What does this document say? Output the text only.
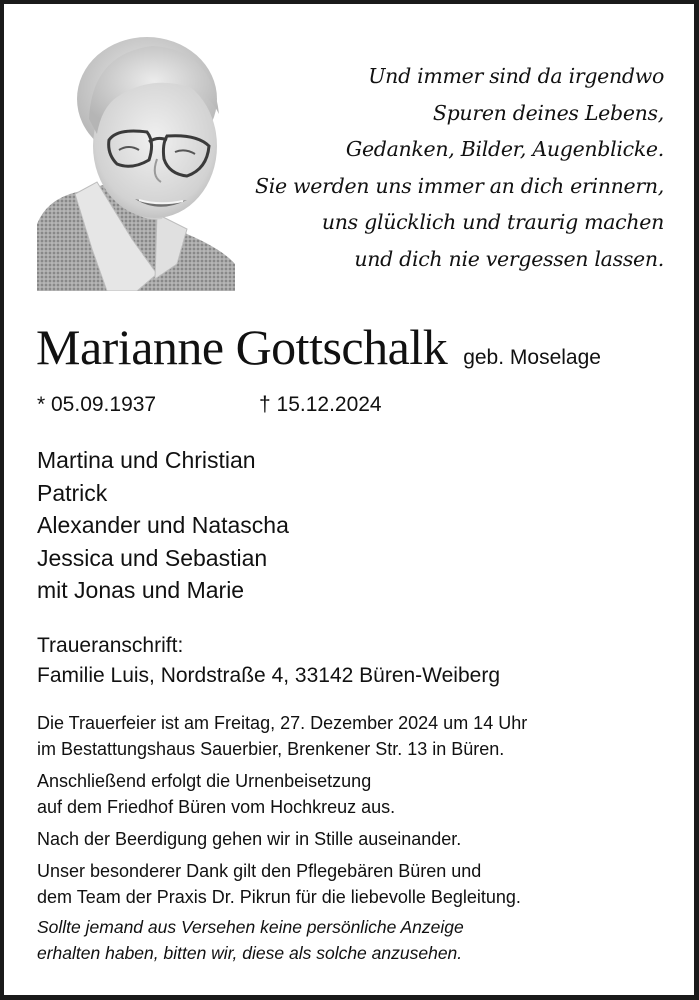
Und immer sind da irgendwo
Spuren deines Lebens,
Gedanken, Bilder, Augenblicke.
Sie werden uns immer an dich erinnern,
uns glücklich und traurig machen
und dich nie vergessen lassen.
Marianne Gottschalk geb. Moselage
* 05.09.1937	† 15.12.2024
Martina und Christian
Patrick
Alexander und Natascha
Jessica und Sebastian
mit Jonas und Marie
Traueranschrift:
Familie Luis, Nordstraße 4, 33142 Büren-Weiberg

Die Trauerfeier ist am Freitag, 27. Dezember 2024 um 14 Uhr

im Bestattungshaus Sauerbier, Brenkener Str. 13 in Büren.

Anschließend erfolgt die Urnenbeisetzung

auf dem Friedhof Büren vom Hochkreuz aus.

Nach der Beerdigung gehen wir in Stille auseinander.

Unser besonderer Dank gilt den Pflegebären Büren und

dem Team der Praxis Dr. Pikrun für die liebevolle Begleitung.

Sollte jemand aus Versehen keine persönliche Anzeige

erhalten haben, bitten wir, diese als solche anzusehen.
